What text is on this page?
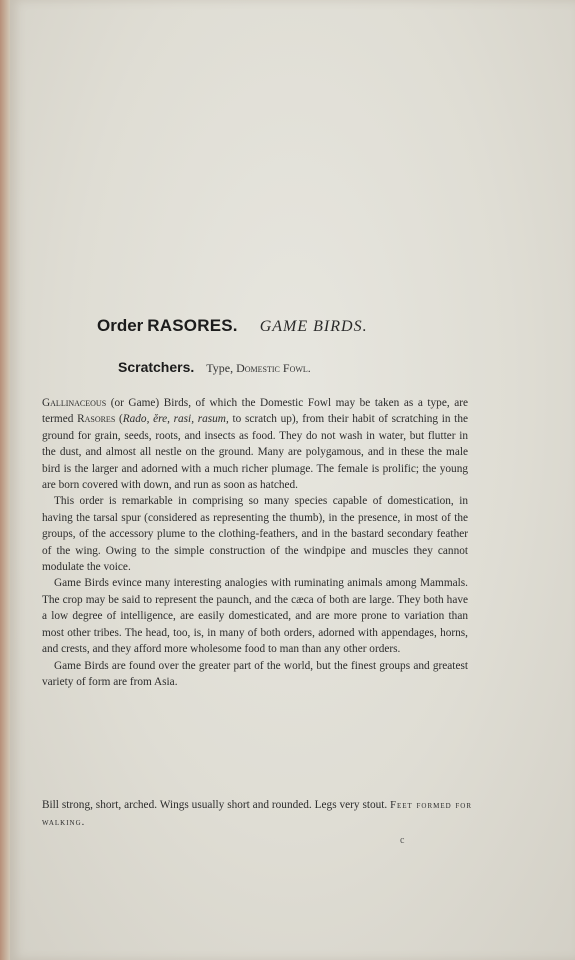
Order RASORES. GAME BIRDS.
Scratchers. Type, Domestic Fowl.

Gallinaceous (or Game) Birds, of which the Domestic Fowl may be taken as a type, are termed Rasores (Rado, ĕre, rasi, rasum, to scratch up), from their habit of scratching in the ground for grain, seeds, roots, and insects as food. They do not wash in water, but flutter in the dust, and almost all nestle on the ground. Many are polygamous, and in these the male bird is the larger and adorned with a much richer plumage. The female is prolific; the young are born covered with down, and run as soon as hatched.

This order is remarkable in comprising so many species capable of domestication, in having the tarsal spur (considered as representing the thumb), in the presence, in most of the groups, of the accessory plume to the clothing-feathers, and in the bastard secondary feather of the wing. Owing to the simple construction of the windpipe and muscles they cannot modulate the voice.

Game Birds evince many interesting analogies with ruminating animals among Mammals. The crop may be said to represent the paunch, and the cæca of both are large. They both have a low degree of intelligence, are easily domesticated, and are more prone to variation than most other tribes. The head, too, is, in many of both orders, adorned with appendages, horns, and crests, and they afford more wholesome food to man than any other orders.

Game Birds are found over the greater part of the world, but the finest groups and greatest variety of form are from Asia.

Bill strong, short, arched. Wings usually short and rounded. Legs very stout. Feet formed for walking.

c
